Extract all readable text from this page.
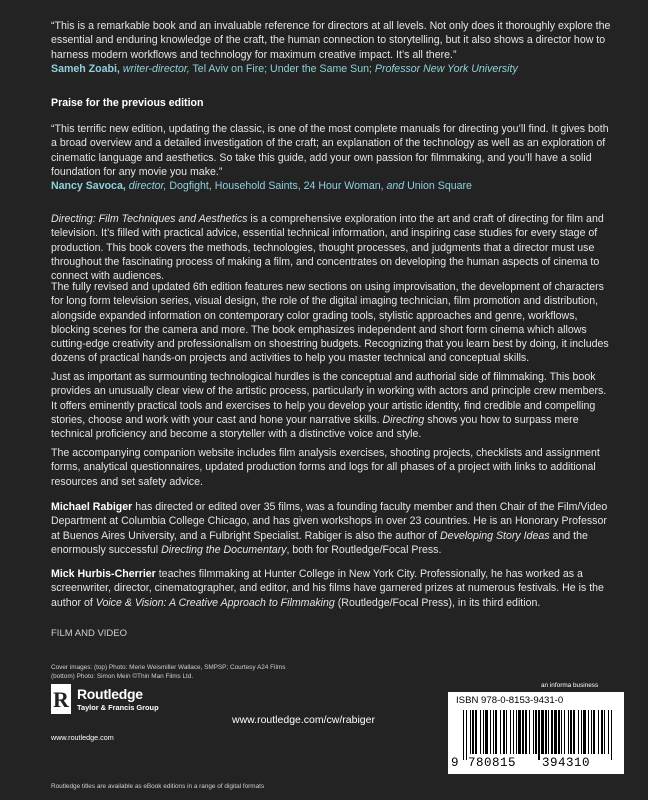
“This is a remarkable book and an invaluable reference for directors at all levels. Not only does it thoroughly explore the essential and enduring knowledge of the craft, the human connection to storytelling, but it also shows a director how to harness modern workflows and technology for maximum creative impact. It’s all there.”

Sameh Zoabi, writer-director, Tel Aviv on Fire; Under the Same Sun; Professor New York University
Praise for the previous edition

“This terrific new edition, updating the classic, is one of the most complete manuals for directing you’ll find. It gives both a broad overview and a detailed investigation of the craft; an explanation of the technology as well as an exploration of cinematic language and aesthetics. So take this guide, add your own passion for filmmaking, and you’ll have a solid foundation for any movie you make.”

Nancy Savoca, director, Dogfight, Household Saints, 24 Hour Woman, and Union Square
Directing: Film Techniques and Aesthetics is a comprehensive exploration into the art and craft of directing for film and television. It’s filled with practical advice, essential technical information, and inspiring case studies for every stage of production. This book covers the methods, technologies, thought processes, and judgments that a director must use throughout the fascinating process of making a film, and concentrates on developing the human aspects of cinema to connect with audiences.
The fully revised and updated 6th edition features new sections on using improvisation, the development of characters for long form television series, visual design, the role of the digital imaging technician, film promotion and distribution, alongside expanded information on contemporary color grading tools, stylistic approaches and genre, workflows, blocking scenes for the camera and more. The book emphasizes independent and short form cinema which allows cutting-edge creativity and professionalism on shoestring budgets. Recognizing that you learn best by doing, it includes dozens of practical hands-on projects and activities to help you master technical and conceptual skills.
Just as important as surmounting technological hurdles is the conceptual and authorial side of filmmaking. This book provides an unusually clear view of the artistic process, particularly in working with actors and principle crew members. It offers eminently practical tools and exercises to help you develop your artistic identity, find credible and compelling stories, choose and work with your cast and hone your narrative skills. Directing shows you how to surpass mere technical proficiency and become a storyteller with a distinctive voice and style.
The accompanying companion website includes film analysis exercises, shooting projects, checklists and assignment forms, analytical questionnaires, updated production forms and logs for all phases of a project with links to additional resources and set safety advice.
Michael Rabiger has directed or edited over 35 films, was a founding faculty member and then Chair of the Film/Video Department at Columbia College Chicago, and has given workshops in over 23 countries. He is an Honorary Professor at Buenos Aires University, and a Fulbright Specialist. Rabiger is also the author of Developing Story Ideas and the enormously successful Directing the Documentary, both for Routledge/Focal Press.
Mick Hurbis-Cherrier teaches filmmaking at Hunter College in New York City. Professionally, he has worked as a screenwriter, director, cinematographer, and editor, and his films have garnered prizes at numerous festivals. He is the author of Voice & Vision: A Creative Approach to Filmmaking (Routledge/Focal Press), in its third edition.
FILM AND VIDEO
Cover images: (top) Photo: Merie Weismiller Wallace, SMPSP; Courtesy A24 Films
(bottom) Photo: Simon Mein ©Thin Man Films Ltd.
R Routledge
Taylor & Francis Group
www.routledge.com
www.routledge.com/cw/rabiger
an informa business
ISBN 978-0-8153-9431-0
9 780815 394310
Routledge titles are available as eBook editions in a range of digital formats
